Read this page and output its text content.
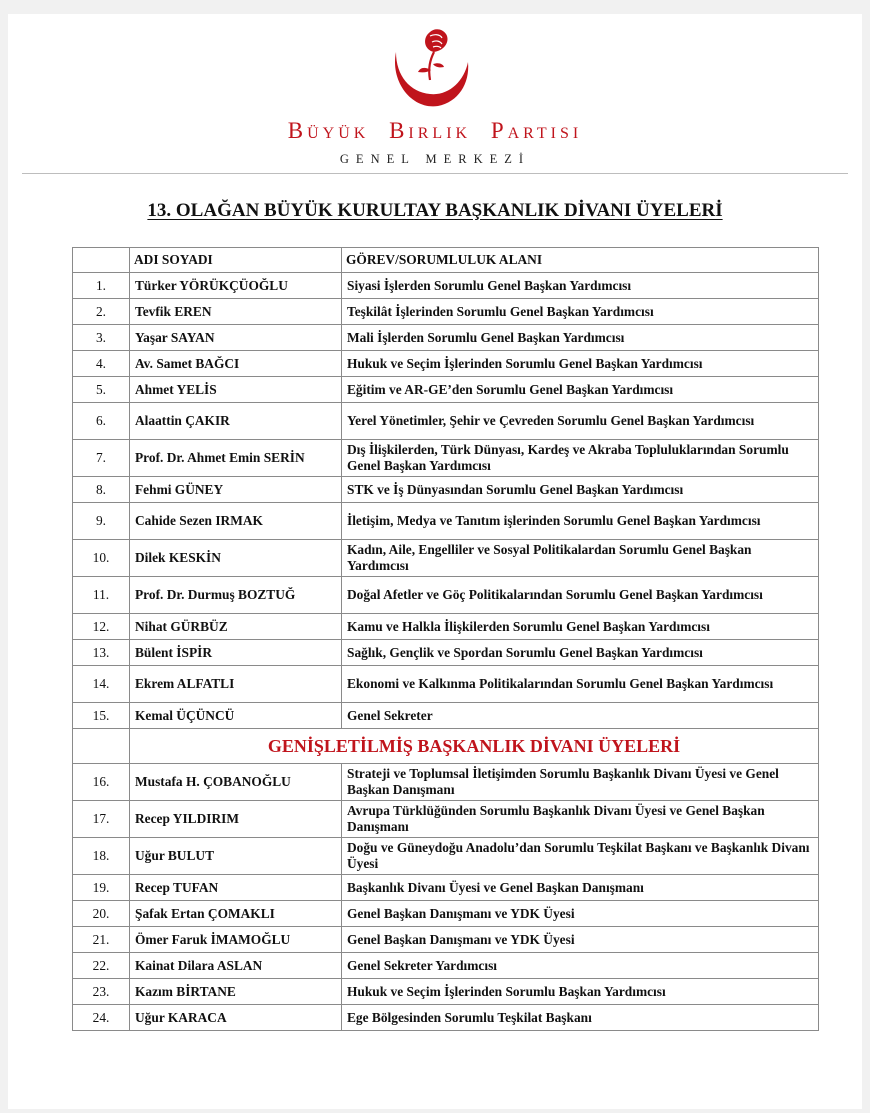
Büyük Birlik Partisi
GENEL MERKEZİ
13. OLAĞAN BÜYÜK KURULTAY BAŞKANLIK DİVANI ÜYELERİ
	ADI SOYADI	GÖREV/SORUMLULUK ALANI
1.	Türker YÖRÜKÇÜOĞLU	Siyasi İşlerden Sorumlu Genel Başkan Yardımcısı
2.	Tevfik EREN	Teşkilât İşlerinden Sorumlu Genel Başkan Yardımcısı
3.	Yaşar SAYAN	Mali İşlerden Sorumlu Genel Başkan Yardımcısı
4.	Av. Samet BAĞCI	Hukuk ve Seçim İşlerinden Sorumlu Genel Başkan Yardımcısı
5.	Ahmet YELİS	Eğitim ve AR-GE’den Sorumlu Genel Başkan Yardımcısı
6.	Alaattin ÇAKIR	Yerel Yönetimler, Şehir ve Çevreden Sorumlu Genel Başkan Yardımcısı
7.	Prof. Dr. Ahmet Emin SERİN	Dış İlişkilerden, Türk Dünyası, Kardeş ve Akraba Topluluklarından Sorumlu Genel Başkan Yardımcısı
8.	Fehmi GÜNEY	STK ve İş Dünyasından Sorumlu Genel Başkan Yardımcısı
9.	Cahide Sezen IRMAK	İletişim, Medya ve Tanıtım işlerinden Sorumlu Genel Başkan Yardımcısı
10.	Dilek KESKİN	Kadın, Aile, Engelliler ve Sosyal Politikalardan Sorumlu Genel Başkan Yardımcısı
11.	Prof. Dr. Durmuş BOZTUĞ	Doğal Afetler ve Göç Politikalarından Sorumlu Genel Başkan Yardımcısı
12.	Nihat GÜRBÜZ	Kamu ve Halkla İlişkilerden Sorumlu Genel Başkan Yardımcısı
13.	Bülent İSPİR	Sağlık, Gençlik ve Spordan Sorumlu Genel Başkan Yardımcısı
14.	Ekrem ALFATLI	Ekonomi ve Kalkınma Politikalarından Sorumlu Genel Başkan Yardımcısı
15.	Kemal ÜÇÜNCÜ	Genel Sekreter
	GENİŞLETİLMİŞ BAŞKANLIK DİVANI ÜYELERİ	
16.	Mustafa H. ÇOBANOĞLU	Strateji ve Toplumsal İletişimden Sorumlu Başkanlık Divanı Üyesi ve Genel Başkan Danışmanı
17.	Recep YILDIRIM	Avrupa Türklüğünden Sorumlu Başkanlık Divanı Üyesi ve Genel Başkan Danışmanı
18.	Uğur BULUT	Doğu ve Güneydoğu Anadolu’dan Sorumlu Teşkilat Başkanı ve Başkanlık Divanı Üyesi
19.	Recep TUFAN	Başkanlık Divanı Üyesi ve Genel Başkan Danışmanı
20.	Şafak Ertan ÇOMAKLI	Genel Başkan Danışmanı ve YDK Üyesi
21.	Ömer Faruk İMAMOĞLU	Genel Başkan Danışmanı ve YDK Üyesi
22.	Kainat Dilara ASLAN	Genel Sekreter Yardımcısı
23.	Kazım BİRTANE	Hukuk ve Seçim İşlerinden Sorumlu Başkan Yardımcısı
24.	Uğur KARACA	Ege Bölgesinden Sorumlu Teşkilat Başkanı
